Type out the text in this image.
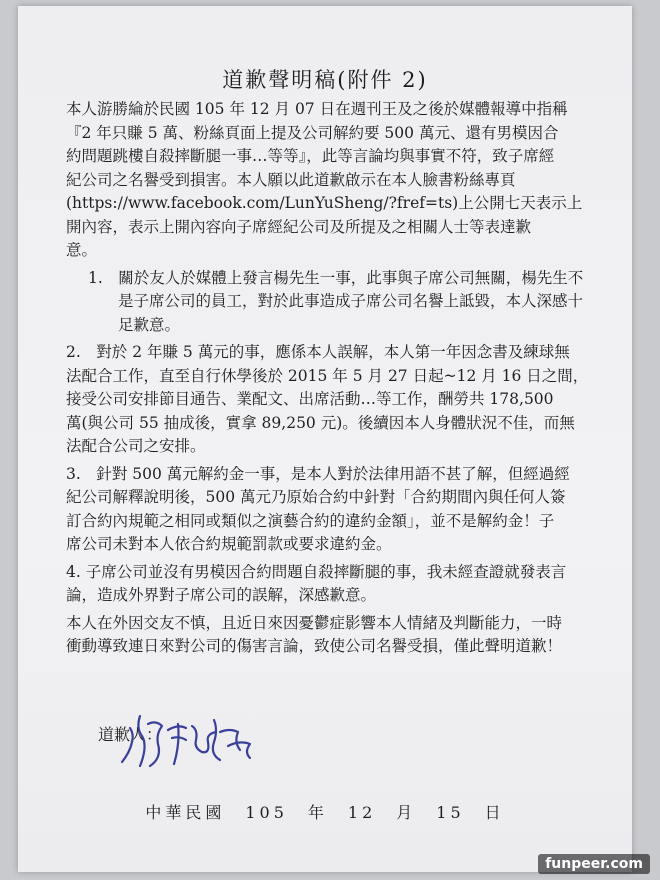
道歉聲明稿(附件 2)

本人游勝綸於民國 105 年 12 月 07 日在週刊王及之後於媒體報導中指稱

『2 年只賺 5 萬、粉絲頁面上提及公司解約要 500 萬元、還有男模因合

約問題跳樓自殺摔斷腿一事…等等』，此等言論均與事實不符，致子席經

紀公司之名譽受到損害。本人願以此道歉啟示在本人臉書粉絲專頁

(https://www.facebook.com/LunYuSheng/?fref=ts)上公開七天表示上

開內容，表示上開內容向子席經紀公司及所提及之相關人士等表達歉

意。

1.　關於友人於媒體上發言楊先生一事，此事與子席公司無關，楊先生不

是子席公司的員工，對於此事造成子席公司名譽上詆毀，本人深感十

足歉意。

2.　對於 2 年賺 5 萬元的事，應係本人誤解，本人第一年因念書及練球無

法配合工作，直至自行休學後於 2015 年 5 月 27 日起~12 月 16 日之間，

接受公司安排節目通告、業配文、出席活動…等工作，酬勞共 178,500

萬(與公司 55 抽成後，實拿 89,250 元)。後續因本人身體狀況不佳，而無

法配合公司之安排。

3.　針對 500 萬元解約金一事，是本人對於法律用語不甚了解，但經過經

紀公司解釋說明後，500 萬元乃原始合約中針對「合約期間內與任何人簽

訂合約內規範之相同或類似之演藝合約的違約金額」，並不是解約金！子

席公司未對本人依合約規範罰款或要求違約金。

4. 子席公司並沒有男模因合約問題自殺摔斷腿的事，我未經查證就發表言

論，造成外界對子席公司的誤解，深感歉意。

本人在外因交友不慎，且近日來因憂鬱症影響本人情緒及判斷能力，一時

衝動導致連日來對公司的傷害言論，致使公司名譽受損，僅此聲明道歉！

道歉人：
中華民國　105　年　12　月　15　日
funpeer.com
